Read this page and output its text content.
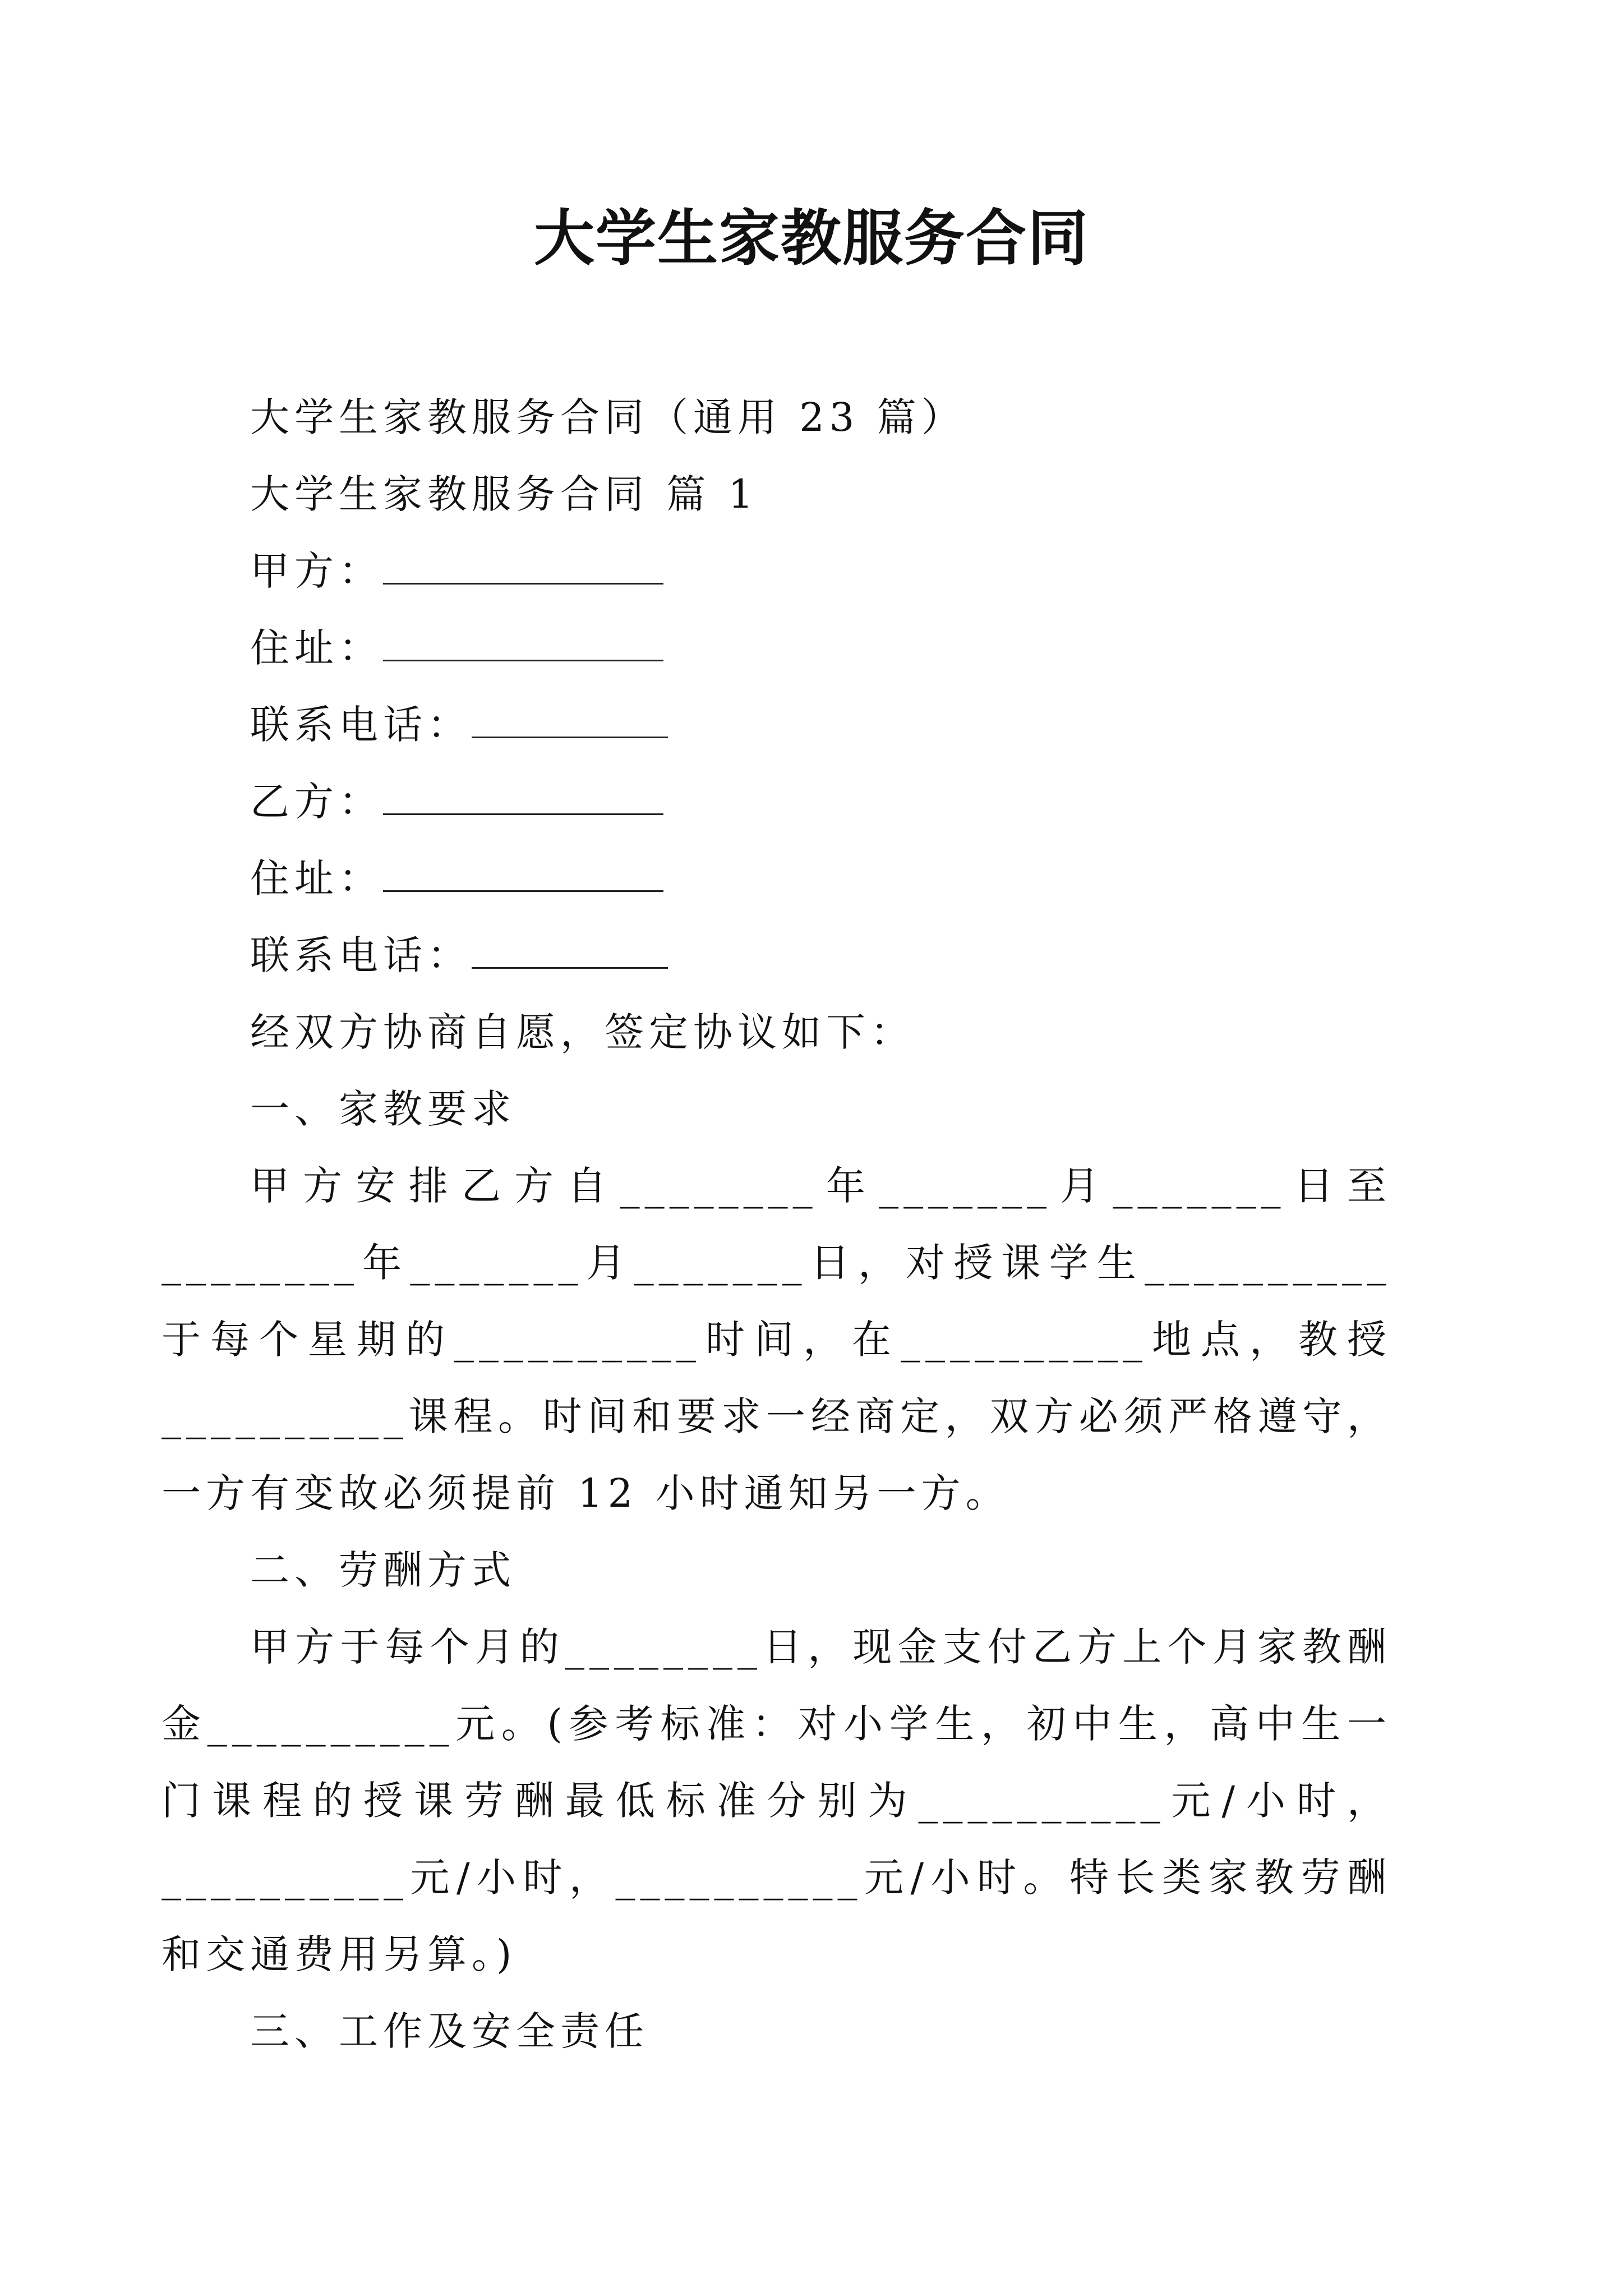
大学生家教服务合同

大学生家教服务合同（通用 23 篇）

大学生家教服务合同 篇 1

甲方：

住址：

联系电话：

乙方：

住址：

联系电话：

经双方协商自愿，签定协议如下：

一、家教要求

甲方安排乙方自________年_______月_______日至________年_______月_______日，对授课学生__________于每个星期的__________时间，在__________地点，教授__________课程。时间和要求一经商定，双方必须严格遵守，一方有变故必须提前 12 小时通知另一方。

二、劳酬方式

甲方于每个月的________日，现金支付乙方上个月家教酬金__________元。(参考标准：对小学生，初中生，高中生一门课程的授课劳酬最低标准分别为__________元/小时，__________元/小时，__________元/小时。特长类家教劳酬和交通费用另算。)

三、工作及安全责任
